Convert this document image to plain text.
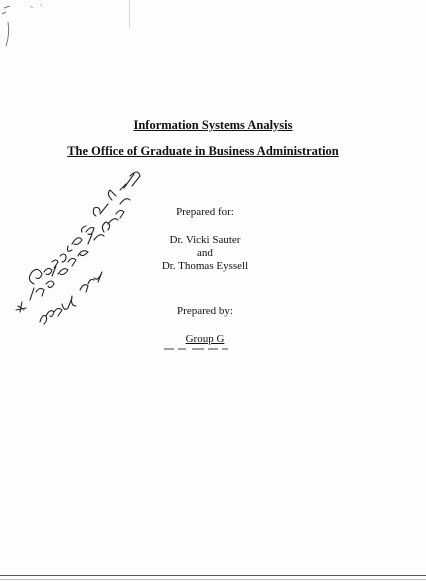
Information Systems Analysis
The Office of Graduate in Business Administration
Prepared for:
Dr. Vicki Sauter
and
Dr. Thomas Eyssell
Prepared by:
Group G
